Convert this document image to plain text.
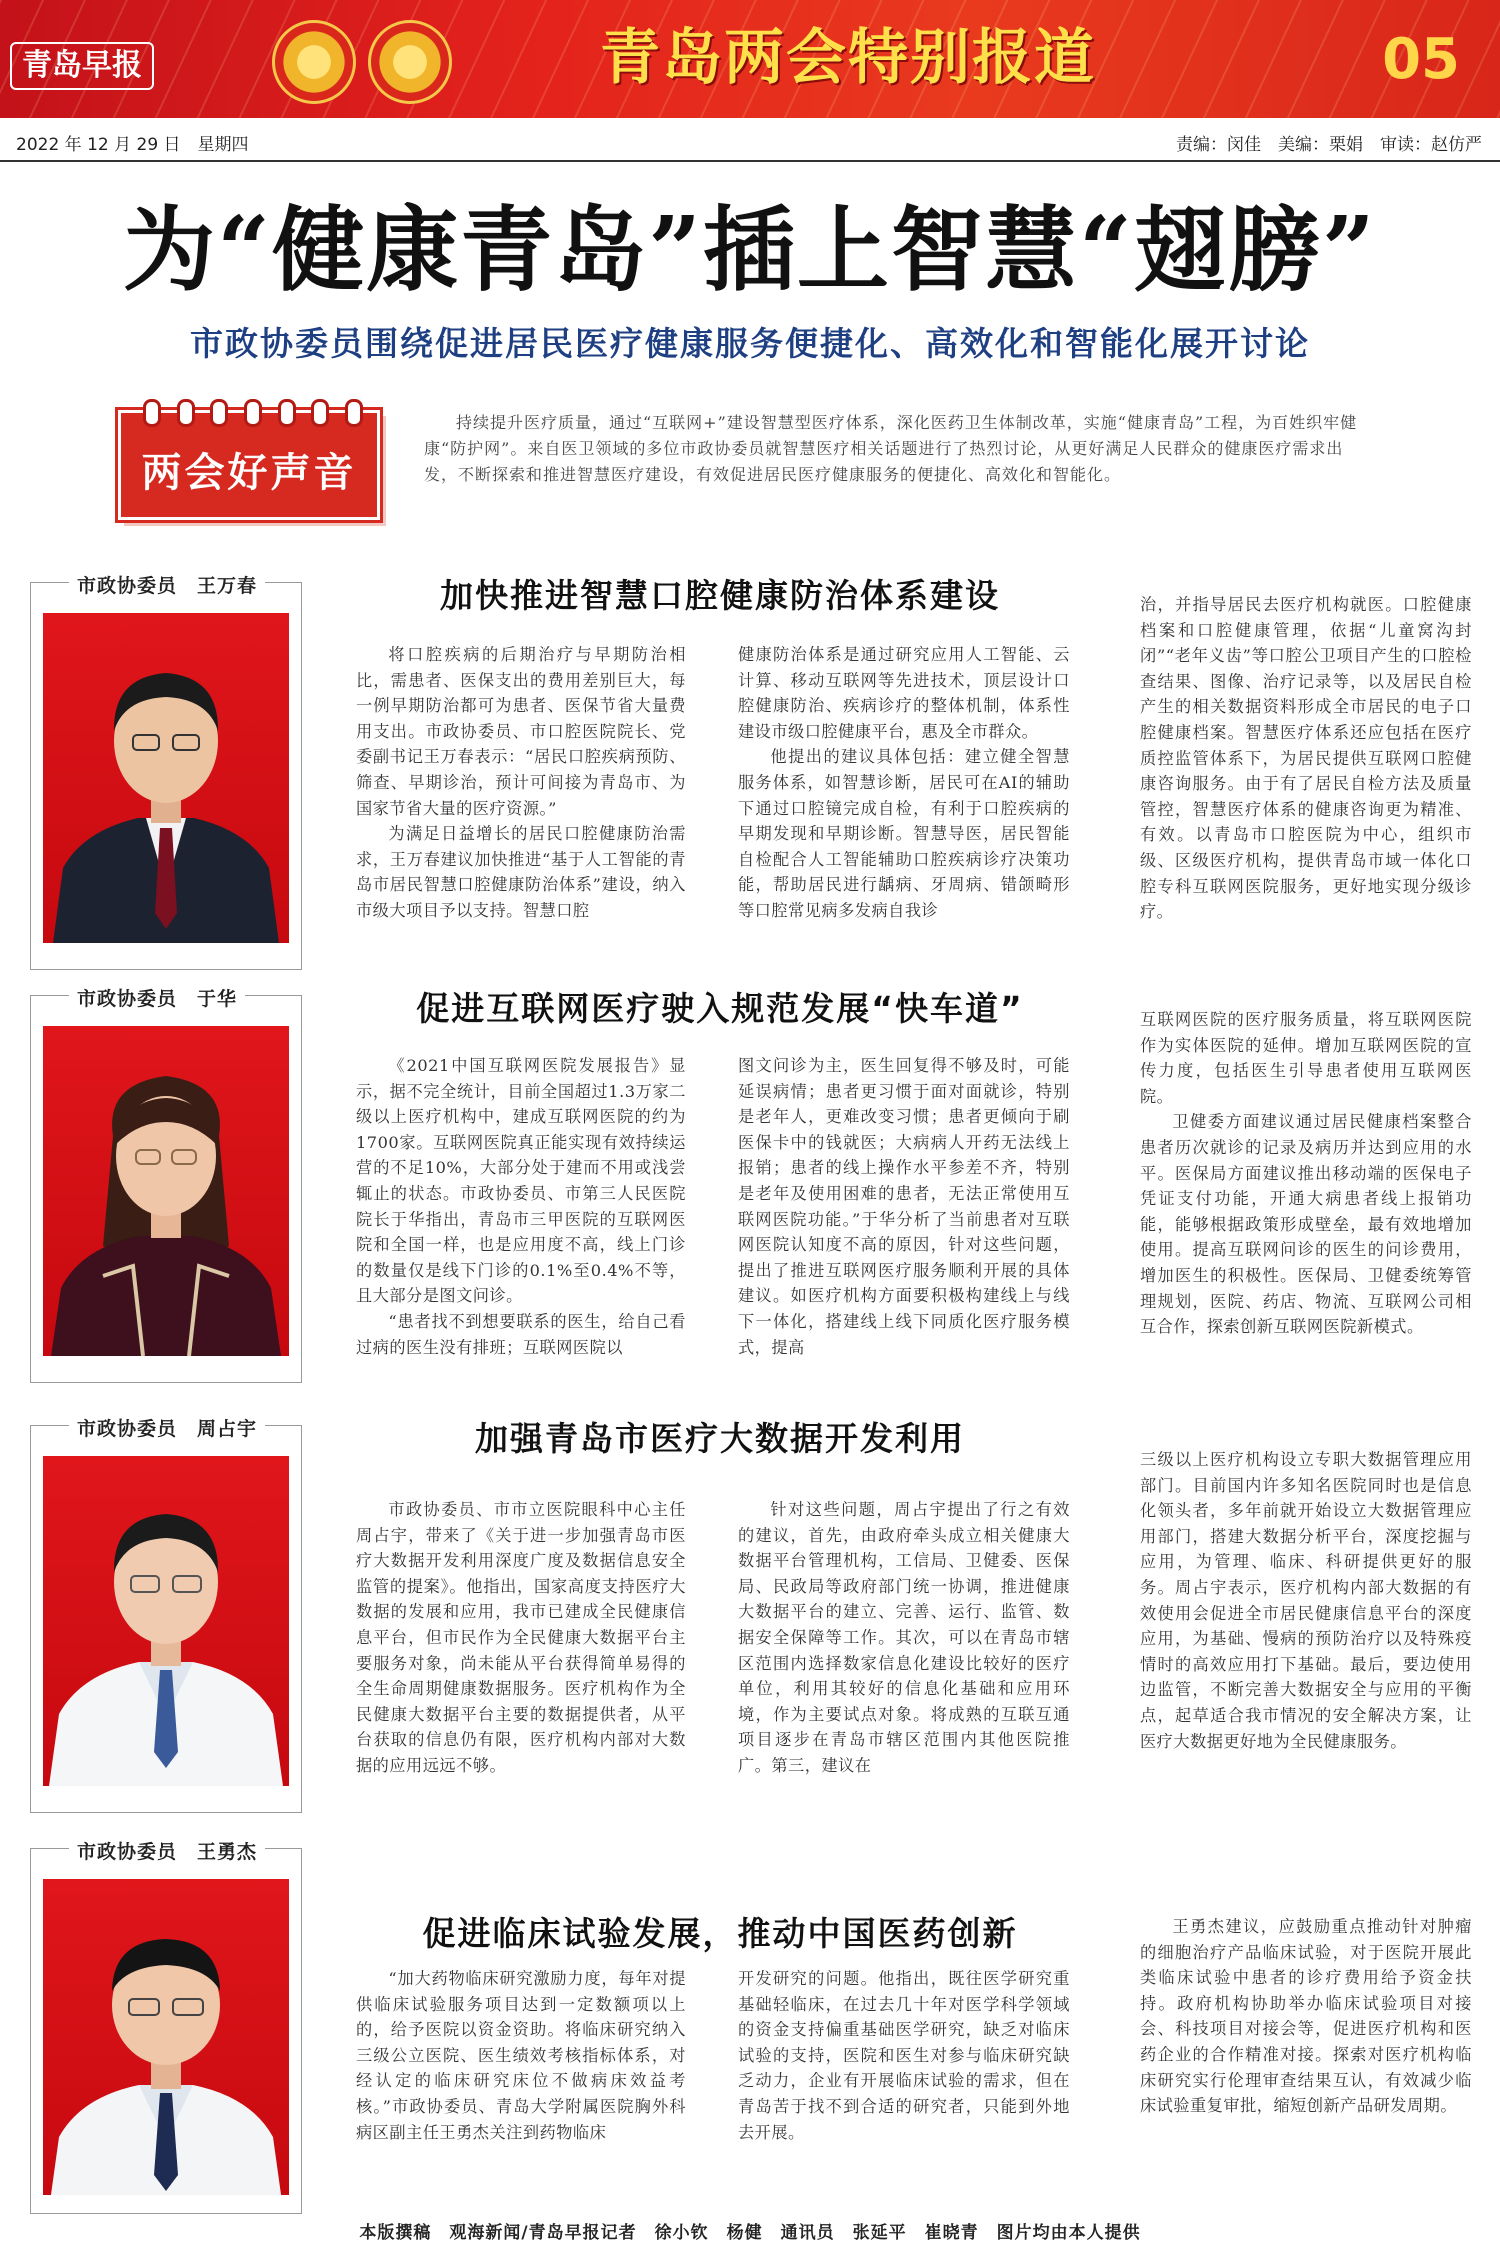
青岛早报	青岛两会特别报道	05
2022 年 12 月 29 日　星期四	责编：闵佳　美编：栗娟　审读：赵仿严
为“健康青岛”插上智慧“翅膀”
市政协委员围绕促进居民医疗健康服务便捷化、高效化和智能化展开讨论
两会好声音
持续提升医疗质量，通过“互联网+”建设智慧型医疗体系，深化医药卫生体制改革，实施“健康青岛”工程，为百姓织牢健康“防护网”。来自医卫领域的多位市政协委员就智慧医疗相关话题进行了热烈讨论，从更好满足人民群众的健康医疗需求出发，不断探索和推进智慧医疗建设，有效促进居民医疗健康服务的便捷化、高效化和智能化。
市政协委员　王万春	加快推进智慧口腔健康防治体系建设

将口腔疾病的后期治疗与早期防治相比，需患者、医保支出的费用差别巨大，每一例早期防治都可为患者、医保节省大量费用支出。市政协委员、市口腔医院院长、党委副书记王万春表示：“居民口腔疾病预防、筛查、早期诊治，预计可间接为青岛市、为国家节省大量的医疗资源。”

为满足日益增长的居民口腔健康防治需求，王万春建议加快推进“基于人工智能的青岛市居民智慧口腔健康防治体系”建设，纳入市级大项目予以支持。智慧口腔

健康防治体系是通过研究应用人工智能、云计算、移动互联网等先进技术，顶层设计口腔健康防治、疾病诊疗的整体机制，体系性建设市级口腔健康平台，惠及全市群众。

他提出的建议具体包括：建立健全智慧服务体系，如智慧诊断，居民可在AI的辅助下通过口腔镜完成自检，有利于口腔疾病的早期发现和早期诊断。智慧导医，居民智能自检配合人工智能辅助口腔疾病诊疗决策功能，帮助居民进行龋病、牙周病、错颌畸形等口腔常见病多发病自我诊

治，并指导居民去医疗机构就医。口腔健康档案和口腔健康管理，依据“儿童窝沟封闭”“老年义齿”等口腔公卫项目产生的口腔检查结果、图像、治疗记录等，以及居民自检产生的相关数据资料形成全市居民的电子口腔健康档案。智慧医疗体系还应包括在医疗质控监管体系下，为居民提供互联网口腔健康咨询服务。由于有了居民自检方法及质量管控，智慧医疗体系的健康咨询更为精准、有效。以青岛市口腔医院为中心，组织市级、区级医疗机构，提供青岛市域一体化口腔专科互联网医院服务，更好地实现分级诊疗。

市政协委员　于华	促进互联网医疗驶入规范发展“快车道”

《2021中国互联网医院发展报告》显示，据不完全统计，目前全国超过1.3万家二级以上医疗机构中，建成互联网医院的约为1700家。互联网医院真正能实现有效持续运营的不足10%，大部分处于建而不用或浅尝辄止的状态。市政协委员、市第三人民医院院长于华指出，青岛市三甲医院的互联网医院和全国一样，也是应用度不高，线上门诊的数量仅是线下门诊的0.1%至0.4%不等，且大部分是图文问诊。

“患者找不到想要联系的医生，给自己看过病的医生没有排班；互联网医院以

图文问诊为主，医生回复得不够及时，可能延误病情；患者更习惯于面对面就诊，特别是老年人，更难改变习惯；患者更倾向于刷医保卡中的钱就医；大病病人开药无法线上报销；患者的线上操作水平参差不齐，特别是老年及使用困难的患者，无法正常使用互联网医院功能。”于华分析了当前患者对互联网医院认知度不高的原因，针对这些问题，提出了推进互联网医疗服务顺利开展的具体建议。如医疗机构方面要积极构建线上与线下一体化，搭建线上线下同质化医疗服务模式，提高

互联网医院的医疗服务质量，将互联网医院作为实体医院的延伸。增加互联网医院的宣传力度，包括医生引导患者使用互联网医院。

卫健委方面建议通过居民健康档案整合患者历次就诊的记录及病历并达到应用的水平。医保局方面建议推出移动端的医保电子凭证支付功能，开通大病患者线上报销功能，能够根据政策形成壁垒，最有效地增加使用。提高互联网问诊的医生的问诊费用，增加医生的积极性。医保局、卫健委统筹管理规划，医院、药店、物流、互联网公司相互合作，探索创新互联网医院新模式。

市政协委员　周占宇	加强青岛市医疗大数据开发利用

市政协委员、市市立医院眼科中心主任周占宇，带来了《关于进一步加强青岛市医疗大数据开发利用深度广度及数据信息安全监管的提案》。他指出，国家高度支持医疗大数据的发展和应用，我市已建成全民健康信息平台，但市民作为全民健康大数据平台主要服务对象，尚未能从平台获得简单易得的全生命周期健康数据服务。医疗机构作为全民健康大数据平台主要的数据提供者，从平台获取的信息仍有限，医疗机构内部对大数据的应用远远不够。

针对这些问题，周占宇提出了行之有效的建议，首先，由政府牵头成立相关健康大数据平台管理机构，工信局、卫健委、医保局、民政局等政府部门统一协调，推进健康大数据平台的建立、完善、运行、监管、数据安全保障等工作。其次，可以在青岛市辖区范围内选择数家信息化建设比较好的医疗单位，利用其较好的信息化基础和应用环境，作为主要试点对象。将成熟的互联互通项目逐步在青岛市辖区范围内其他医院推广。第三，建议在

三级以上医疗机构设立专职大数据管理应用部门。目前国内许多知名医院同时也是信息化领头者，多年前就开始设立大数据管理应用部门，搭建大数据分析平台，深度挖掘与应用，为管理、临床、科研提供更好的服务。周占宇表示，医疗机构内部大数据的有效使用会促进全市居民健康信息平台的深度应用，为基础、慢病的预防治疗以及特殊疫情时的高效应用打下基础。最后，要边使用边监管，不断完善大数据安全与应用的平衡点，起草适合我市情况的安全解决方案，让医疗大数据更好地为全民健康服务。

市政协委员　王勇杰
促进临床试验发展，推动中国医药创新

“加大药物临床研究激励力度，每年对提供临床试验服务项目达到一定数额项以上的，给予医院以资金资助。将临床研究纳入三级公立医院、医生绩效考核指标体系，对经认定的临床研究床位不做病床效益考核。”市政协委员、青岛大学附属医院胸外科病区副主任王勇杰关注到药物临床

开发研究的问题。他指出，既往医学研究重基础轻临床，在过去几十年对医学科学领域的资金支持偏重基础医学研究，缺乏对临床试验的支持，医院和医生对参与临床研究缺乏动力，企业有开展临床试验的需求，但在青岛苦于找不到合适的研究者，只能到外地去开展。

王勇杰建议，应鼓励重点推动针对肿瘤的细胞治疗产品临床试验，对于医院开展此类临床试验中患者的诊疗费用给予资金扶持。政府机构协助举办临床试验项目对接会、科技项目对接会等，促进医疗机构和医药企业的合作精准对接。探索对医疗机构临床研究实行伦理审查结果互认，有效减少临床试验重复审批，缩短创新产品研发周期。

本版撰稿　观海新闻/青岛早报记者　徐小钦　杨健　通讯员　张延平　崔晓青　图片均由本人提供
